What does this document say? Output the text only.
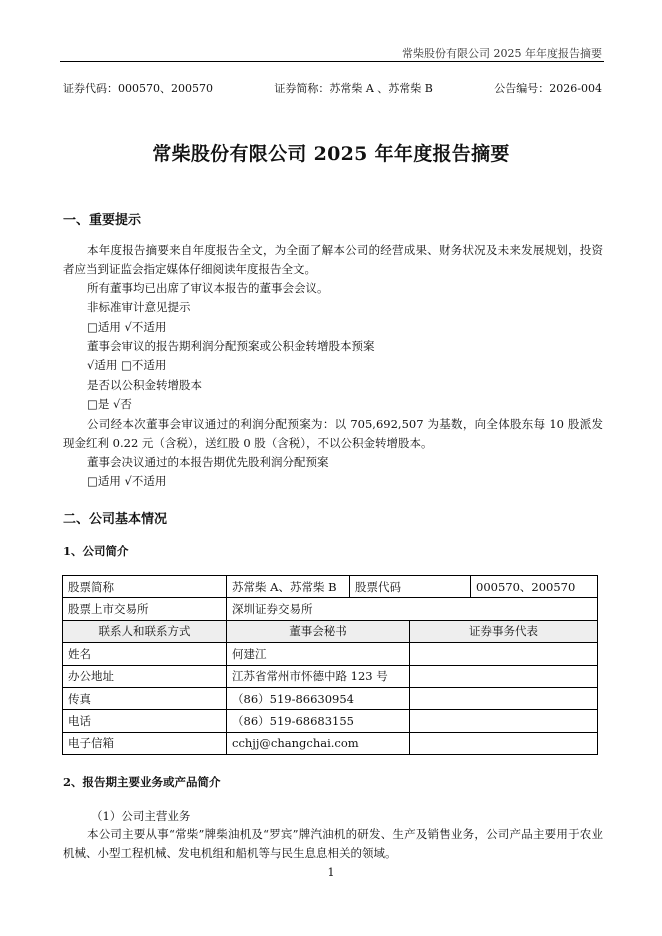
常柴股份有限公司 2025 年年度报告摘要
证券代码：000570、200570	证券简称：苏常柴 A 、苏常柴 B	公告编号：2026-004
常柴股份有限公司 2025 年年度报告摘要
一、重要提示
本年度报告摘要来自年度报告全文，为全面了解本公司的经营成果、财务状况及未来发展规划，投资者应当到证监会指定媒体仔细阅读年度报告全文。
所有董事均已出席了审议本报告的董事会会议。
非标准审计意见提示
□适用 √不适用
董事会审议的报告期利润分配预案或公积金转增股本预案
√适用 □不适用
是否以公积金转增股本
□是 √否
公司经本次董事会审议通过的利润分配预案为：以 705,692,507 为基数，向全体股东每 10 股派发现金红利 0.22 元（含税），送红股 0 股（含税），不以公积金转增股本。
董事会决议通过的本报告期优先股利润分配预案
□适用 √不适用
二、公司基本情况
1、公司简介
股票简称	苏常柴 A、苏常柴 B	股票代码		000570、200570
股票上市交易所	深圳证券交易所			
联系人和联系方式	董事会秘书		证券事务代表	
姓名	何建江			
办公地址	江苏省常州市怀德中路 123 号			
传真	（86）519-86630954			
电话	（86）519-68683155			
电子信箱	cchjj@changchai.com			
2、报告期主要业务或产品简介
（1）公司主营业务
本公司主要从事“常柴”牌柴油机及“罗宾”牌汽油机的研发、生产及销售业务，公司产品主要用于农业机械、小型工程机械、发电机组和船机等与民生息息相关的领域。
1
